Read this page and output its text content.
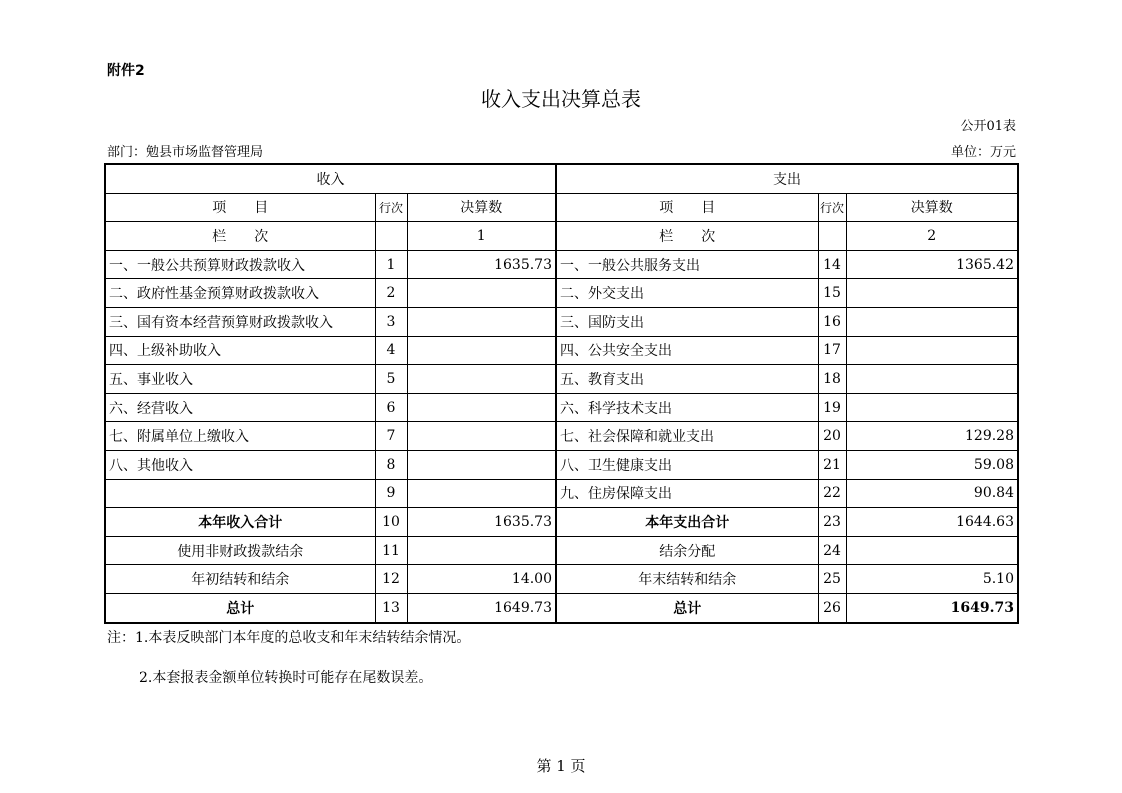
附件2
收入支出决算总表
公开01表
部门：勉县市场监督管理局	单位：万元
收入			支出		
项　　目	行次	决算数	项　　目	行次	决算数
栏　　次		1	栏　　次		2
一、一般公共预算财政拨款收入	1	1635.73	一、一般公共服务支出	14	1365.42
二、政府性基金预算财政拨款收入	2		二、外交支出	15	
三、国有资本经营预算财政拨款收入	3		三、国防支出	16	
四、上级补助收入	4		四、公共安全支出	17	
五、事业收入	5		五、教育支出	18	
六、经营收入	6		六、科学技术支出	19	
七、附属单位上缴收入	7		七、社会保障和就业支出	20	129.28
八、其他收入	8		八、卫生健康支出	21	59.08
	9		九、住房保障支出	22	90.84
本年收入合计	10	1635.73	本年支出合计	23	1644.63
使用非财政拨款结余	11		结余分配	24	
年初结转和结余	12	14.00	年末结转和结余	25	5.10
总计	13	1649.73	总计	26	1649.73
注：1.本表反映部门本年度的总收支和年末结转结余情况。
2.本套报表金额单位转换时可能存在尾数误差。
第 1 页
